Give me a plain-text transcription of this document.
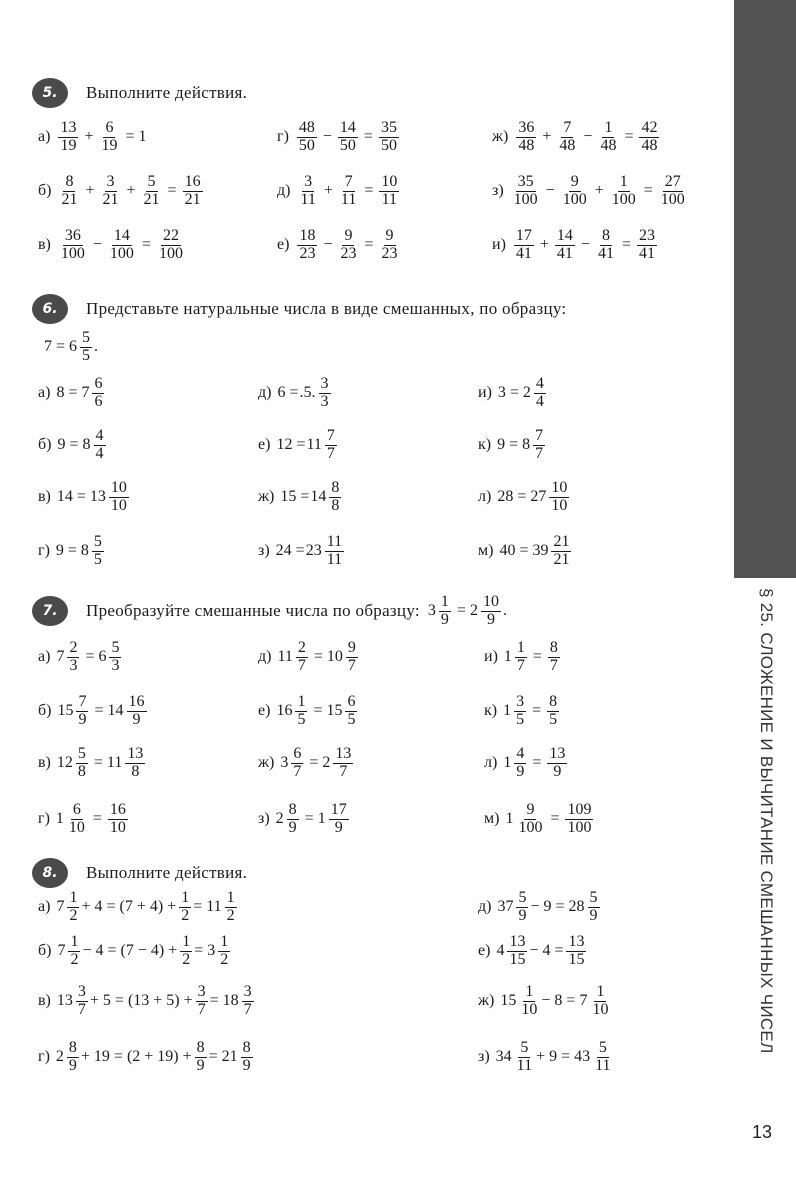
§ 25. СЛОЖЕНИЕ И ВЫЧИТАНИЕ СМЕШАННЫХ ЧИСЕЛ
13
5. Выполните действия.
$а) \frac{13}{19} + \frac{6}{19} = 1$	$г) \frac{48}{50} - \frac{14}{50} = \frac{35}{50}$	$ж) \frac{36}{48} + \frac{7}{48} - \frac{1}{48} = \frac{42}{48}$
$б) \frac{8}{21} + \frac{3}{21} + \frac{5}{21} = \frac{16}{21}$	$д) \frac{3}{11} + \frac{7}{11} = \frac{10}{11}$	$з) \frac{35}{100} - \frac{9}{100} + \frac{1}{100} = \frac{27}{100}$
$в) \frac{36}{100} - \frac{14}{100} = \frac{22}{100}$	$е) \frac{18}{23} - \frac{9}{23} = \frac{9}{23}$	$и) \frac{17}{41} + \frac{14}{41} - \frac{8}{41} = \frac{23}{41}$
6. Представьте натуральные числа в виде смешанных, по образцу:
$7 = 6 \frac{5}{5}$ .
а) $8 = 7 \frac{6}{6}$	д) 6 = .5. $\frac{3}{3}$	и) $3 = 2 \frac{4}{4}$
б) $9 = 8 \frac{4}{4}$	е) $12 = 11 \frac{7}{7}$	к) $9 = 8 \frac{7}{7}$
в) $14 = 13 \frac{10}{10}$	ж) $15 = 14 \frac{8}{8}$	л) $28 = 27 \frac{10}{10}$
г) $9 = 8 \frac{5}{5}$	з) $24 = 23 \frac{11}{11}$	м) $40 = 39 \frac{21}{21}$
7. Преобразуйте смешанные числа по образцу: $3 \frac{1}{9} = 2 \frac{10}{9}$ .
а) $7 \frac{2}{3} = 6 \frac{5}{3}$	д) $11 \frac{2}{7} = 10 \frac{9}{7}$	и) $1 \frac{1}{7} = \frac{8}{7}$
б) $15 \frac{7}{9} = 14 \frac{16}{9}$	е) $16 \frac{1}{5} = 15 \frac{6}{5}$	к) $1 \frac{3}{5} = \frac{8}{5}$
в) $12 \frac{5}{8} = 11 \frac{13}{8}$	ж) $3 \frac{6}{7} = 2 \frac{13}{7}$	л) $1 \frac{4}{9} = \frac{13}{9}$
г) $1 \frac{6}{10} = \frac{16}{10}$	з) $2 \frac{8}{9} = 1 \frac{17}{9}$	м) $1 \frac{9}{100} = \frac{109}{100}$
8. Выполните действия.
а) $7 \frac{1}{2} + 4 = (7 + 4) + \frac{1}{2} = 11 \frac{1}{2}$	д) $37 \frac{5}{9} - 9 = 28 \frac{5}{9}$
б) $7 \frac{1}{2} - 4 = (7 - 4) + \frac{1}{2} = 3 \frac{1}{2}$	е) $4 \frac{13}{15} - 4 = \frac{13}{15}$
в) $13 \frac{3}{7} + 5 = (13 + 5) + \frac{3}{7} = 18 \frac{3}{7}$	ж) $15 \frac{1}{10} - 8 = 7 \frac{1}{10}$
г) $2 \frac{8}{9} + 19 = (2 + 19) + \frac{8}{9} = 21 \frac{8}{9}$	з) $34 \frac{5}{11} + 9 = 43 \frac{5}{11}$
